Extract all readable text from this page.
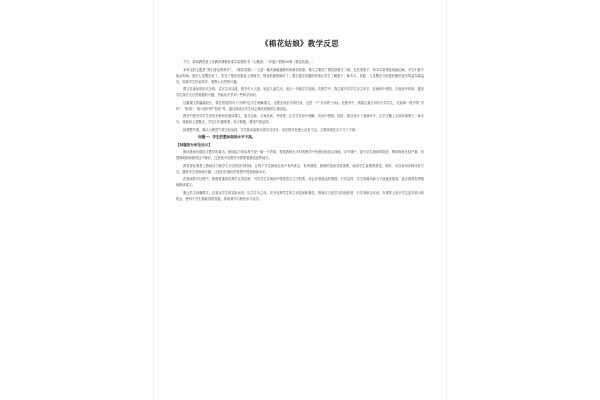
《棉花姑娘》教学反思

今天，我执教的是义务教育课程标准实验教科书（人教版）一年级下册第30课《棉花姑娘》。

本单元的主题是“我们身边的科学”。《棉花姑娘》一文是一篇充满童趣兼有的童话故事，课文主要讲了棉花姑娘生了病，先后请燕子、啄木鸟和青蛙给她治病，可它们都不能治好病，最后七星瓢虫来了，吃光了棉花姑娘身上的蚜虫，棉花姑娘的病好了。课文通过有趣的故事让学生了解燕子、啄木鸟、青蛙、七星瓢虫分别是吃哪些害虫的益鸟和益虫，培养学生热爱科学、观察大自然的兴趣。

课文以童话的形式呈现，语言生动活泼，情节引人入胜，贴近儿童生活，适合一年级学生阅读。在教学中，我注重引导学生自主识字，在朗读中感悟，在表演中体验，激发学生探究大自然奥秘的兴趣，并能从中学到一些科学知识。

这篇课文的篇幅较长，要在短短的四十分钟内让学生理解课文，还要完成识字的任务，这是一个“妥协的”目标。在教学中，我抓住重点词句引导学生，比如第一段中的“可怜”、“盼望”，第六段中的“惊奇”等，通过朗读让学生体会棉花姑娘的心情变化。

教学中我引导学生采用多种形式朗读课文，如自由读、分角色读、齐读等，让学生在读中理解，在读中感悟。同时，我还设计了表演环节，让学生戴上头饰扮演燕子、啄木鸟、青蛙和七星瓢虫，学生们兴趣浓厚，参与积极，课堂气氛活跃。

纵观整节课，我认为课堂气氛比较活跃，学生基本能够完成学习任务，但在细节处理上还有不足，主要体现在以下几个方面：

问题一：学生的整体朗读水平不高。
【问题的分析及启示】

朗读是低年级语文教学的重点。朗读能力的培养不是一朝一夕的事，需要教师在平时的教学中有意识地加以训练。本节课中，部分学生朗读时拖音、唱读现象比较严重，有感情地朗读做得还不够好，这是我今后教学中需要着重改进的地方。

我觉得在课堂上教师应当给学生充足的读书时间，让每个学生都能在读中有所体会、有所感悟。教师的范读非常重要，能给学生直观的感受。同时，可以采用多种评价方式，激发学生的朗读兴趣，让他们在愉快的氛围中提高朗读水平。

在阅读教学过程中，教师要重视培养学生的语感，引导学生在朗读中感受语言文字的美，体会作者表达的情感。只有这样，学生的朗读能力才能逐步提高，真正做到有感情地朗读课文。

要让学生读懂课文，必须从学生的实际出发，以学生为主体，充分发挥学生的主动性和积极性。教师应当是学习的组织者、引导者和合作者，在课堂上给予学生更多展示的机会，使每个学生都能得到发展，体验到学习的快乐与成功。
